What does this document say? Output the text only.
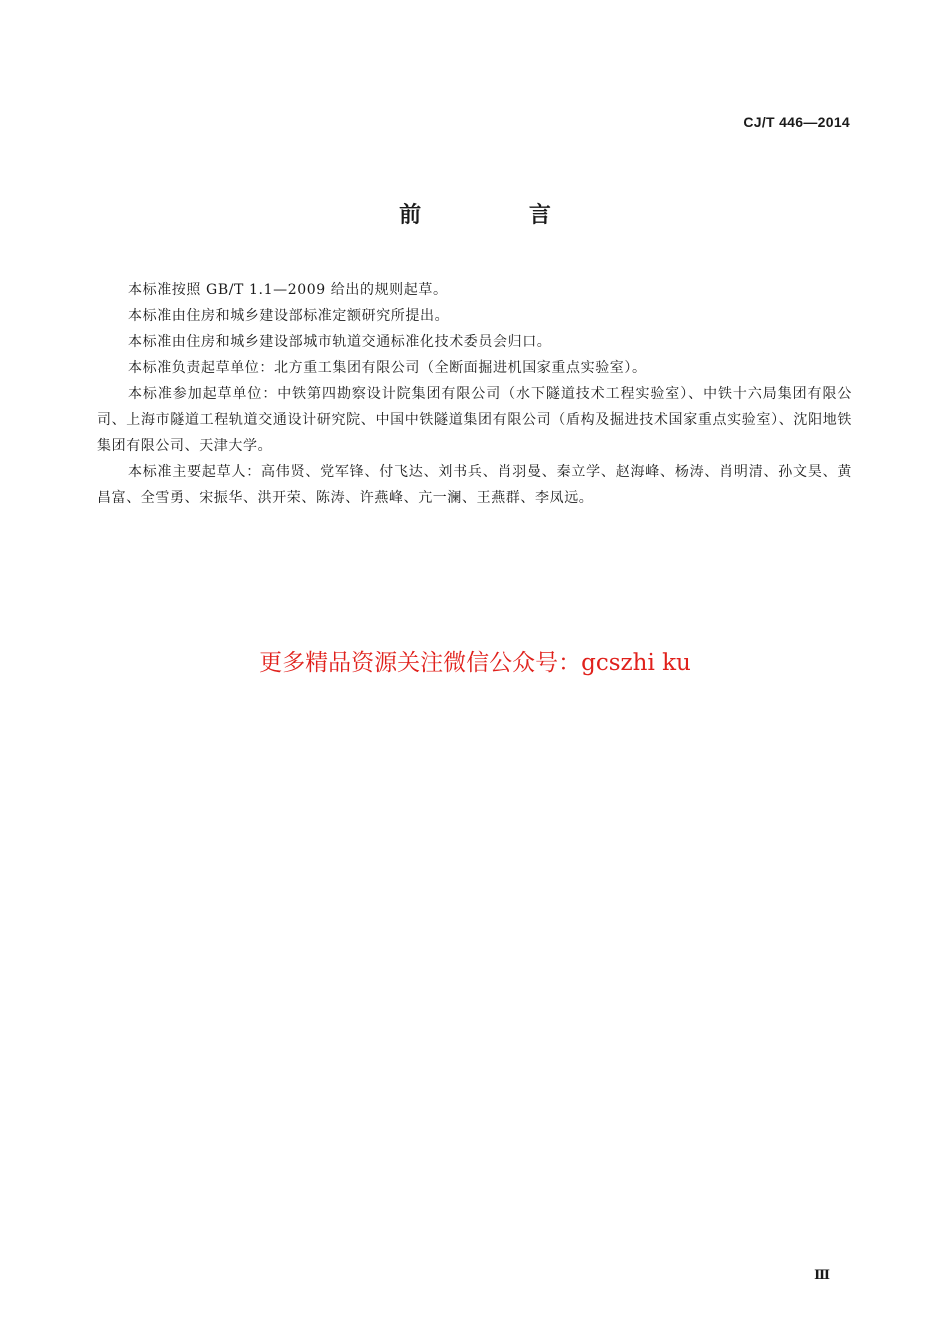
CJ/T 446—2014
前 言

本标准按照 GB/T 1.1—2009 给出的规则起草。

本标准由住房和城乡建设部标准定额研究所提出。

本标准由住房和城乡建设部城市轨道交通标准化技术委员会归口。

本标准负责起草单位：北方重工集团有限公司（全断面掘进机国家重点实验室）。

本标准参加起草单位：中铁第四勘察设计院集团有限公司（水下隧道技术工程实验室）、中铁十六局集团有限公司、上海市隧道工程轨道交通设计研究院、中国中铁隧道集团有限公司（盾构及掘进技术国家重点实验室）、沈阳地铁集团有限公司、天津大学。

本标准主要起草人：高伟贤、党军锋、付飞达、刘书兵、肖羽曼、秦立学、赵海峰、杨涛、肖明清、孙文昊、黄昌富、全雪勇、宋振华、洪开荣、陈涛、许燕峰、亢一澜、王燕群、李凤远。

更多精品资源关注微信公众号：gcszhi ku
Ⅲ
